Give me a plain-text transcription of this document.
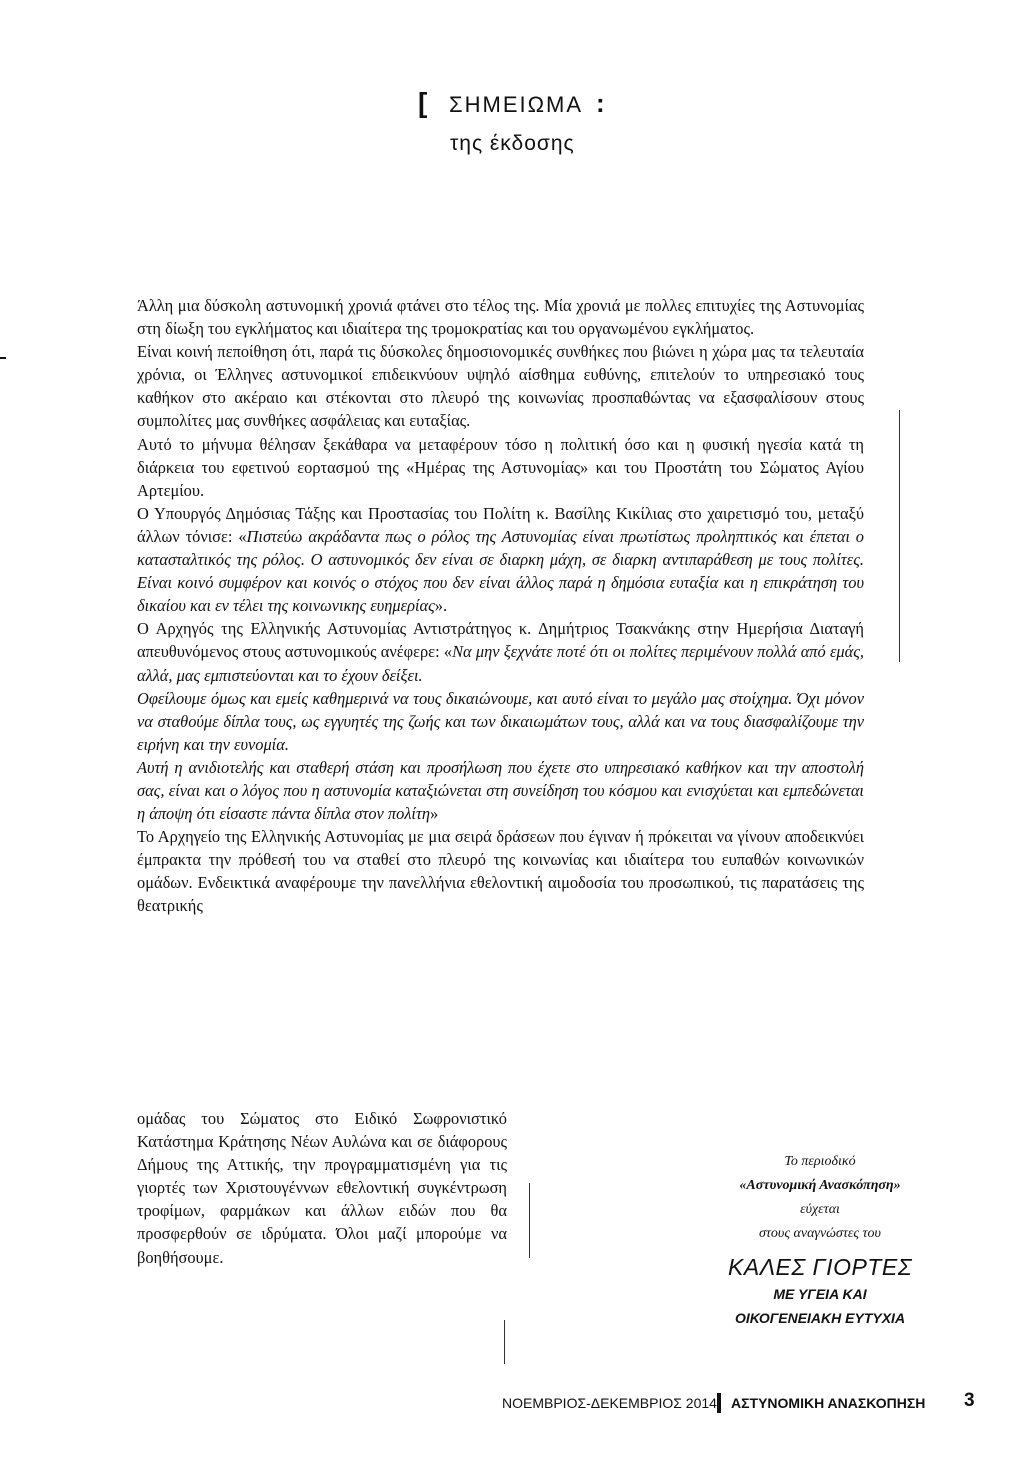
[ ΣΗΜΕΙΩΜΑ :
της έκδοσης

Άλλη μια δύσκολη αστυνομική χρονιά φτάνει στο τέλος της. Μία χρονιά με πολλες επιτυχίες της Αστυνομίας στη δίωξη του εγκλήματος και ιδιαίτερα της τρομοκρατίας και του οργανωμένου εγκλήματος.

Είναι κοινή πεποίθηση ότι, παρά τις δύσκολες δημοσιονομικές συνθήκες που βιώνει η χώρα μας τα τελευταία χρόνια, οι Έλληνες αστυνομικοί επιδεικνύουν υψηλό αίσθημα ευθύνης, επιτελούν το υπηρεσιακό τους καθήκον στο ακέραιο και στέκονται στο πλευρό της κοινωνίας προσπαθώντας να εξασφαλίσουν στους συμπολίτες μας συνθήκες ασφάλειας και ευταξίας.

Αυτό το μήνυμα θέλησαν ξεκάθαρα να μεταφέρουν τόσο η πολιτική όσο και η φυσική ηγεσία κατά τη διάρκεια του εφετινού εορτασμού της «Ημέρας της Αστυνομίας» και του Προστάτη του Σώματος Αγίου Αρτεμίου.

Ο Υπουργός Δημόσιας Τάξης και Προστασίας του Πολίτη κ. Βασίλης Κικίλιας στο χαιρετισμό του, μεταξύ άλλων τόνισε: «Πιστεύω ακράδαντα πως ο ρόλος της Αστυνομίας είναι πρωτίστως προληπτικός και έπεται ο κατασταλτικός της ρόλος. Ο αστυνομικός δεν είναι σε διαρκη μάχη, σε διαρκη αντιπαράθεση με τους πολίτες. Είναι κοινό συμφέρον και κοινός ο στόχος που δεν είναι άλλος παρά η δημόσια ευταξία και η επικράτηση του δικαίου και εν τέλει της κοινωνικης ευημερίας».

Ο Αρχηγός της Ελληνικής Αστυνομίας Αντιστράτηγος κ. Δημήτριος Τσακνάκης στην Ημερήσια Διαταγή απευθυνόμενος στους αστυνομικούς ανέφερε: «Να μην ξεχνάτε ποτέ ότι οι πολίτες περιμένουν πολλά από εμάς, αλλά, μας εμπιστεύονται και το έχουν δείξει.

Οφείλουμε όμως και εμείς καθημερινά να τους δικαιώνουμε, και αυτό είναι το μεγάλο μας στοίχημα. Όχι μόνον να σταθούμε δίπλα τους, ως εγγυητές της ζωής και των δικαιωμάτων τους, αλλά και να τους διασφαλίζουμε την ειρήνη και την ευνομία.

Αυτή η ανιδιοτελής και σταθερή στάση και προσήλωση που έχετε στο υπηρεσιακό καθήκον και την αποστολή σας, είναι και ο λόγος που η αστυνομία καταξιώνεται στη συνείδηση του κόσμου και ενισχύεται και εμπεδώνεται η άποψη ότι είσαστε πάντα δίπλα στον πολίτη»

Το Αρχηγείο της Ελληνικής Αστυνομίας με μια σειρά δράσεων που έγιναν ή πρόκειται να γίνουν αποδεικνύει έμπρακτα την πρόθεσή του να σταθεί στο πλευρό της κοινωνίας και ιδιαίτερα του ευπαθών κοινωνικών ομάδων. Ενδεικτικά αναφέρουμε την πανελλήνια εθελοντική αιμοδοσία του προσωπικού, τις παρατάσεις της θεατρικής

ομάδας του Σώματος στο Ειδικό Σωφρονιστικό Κατάστημα Κράτησης Νέων Αυλώνα και σε διάφορους Δήμους της Αττικής, την προγραμματισμένη για τις γιορτές των Χριστουγέννων εθελοντική συγκέντρωση τροφίμων, φαρμάκων και άλλων ειδών που θα προσφερθούν σε ιδρύματα. Όλοι μαζί μπορούμε να βοηθήσουμε.

Το περιοδικό
«Αστυνομική Ανασκόπηση»
εύχεται
στους αναγνώστες του
ΚΑΛΕΣ ΓΙΟΡΤΕΣ
ΜΕ ΥΓΕΙΑ ΚΑΙ
ΟΙΚΟΓΕΝΕΙΑΚΗ ΕΥΤΥΧΙΑ
ΝΟΕΜΒΡΙΟΣ-ΔΕΚΕΜΒΡΙΟΣ 2014 ΑΣΤΥΝΟΜΙΚΗ ΑΝΑΣΚΟΠΗΣΗ 3
